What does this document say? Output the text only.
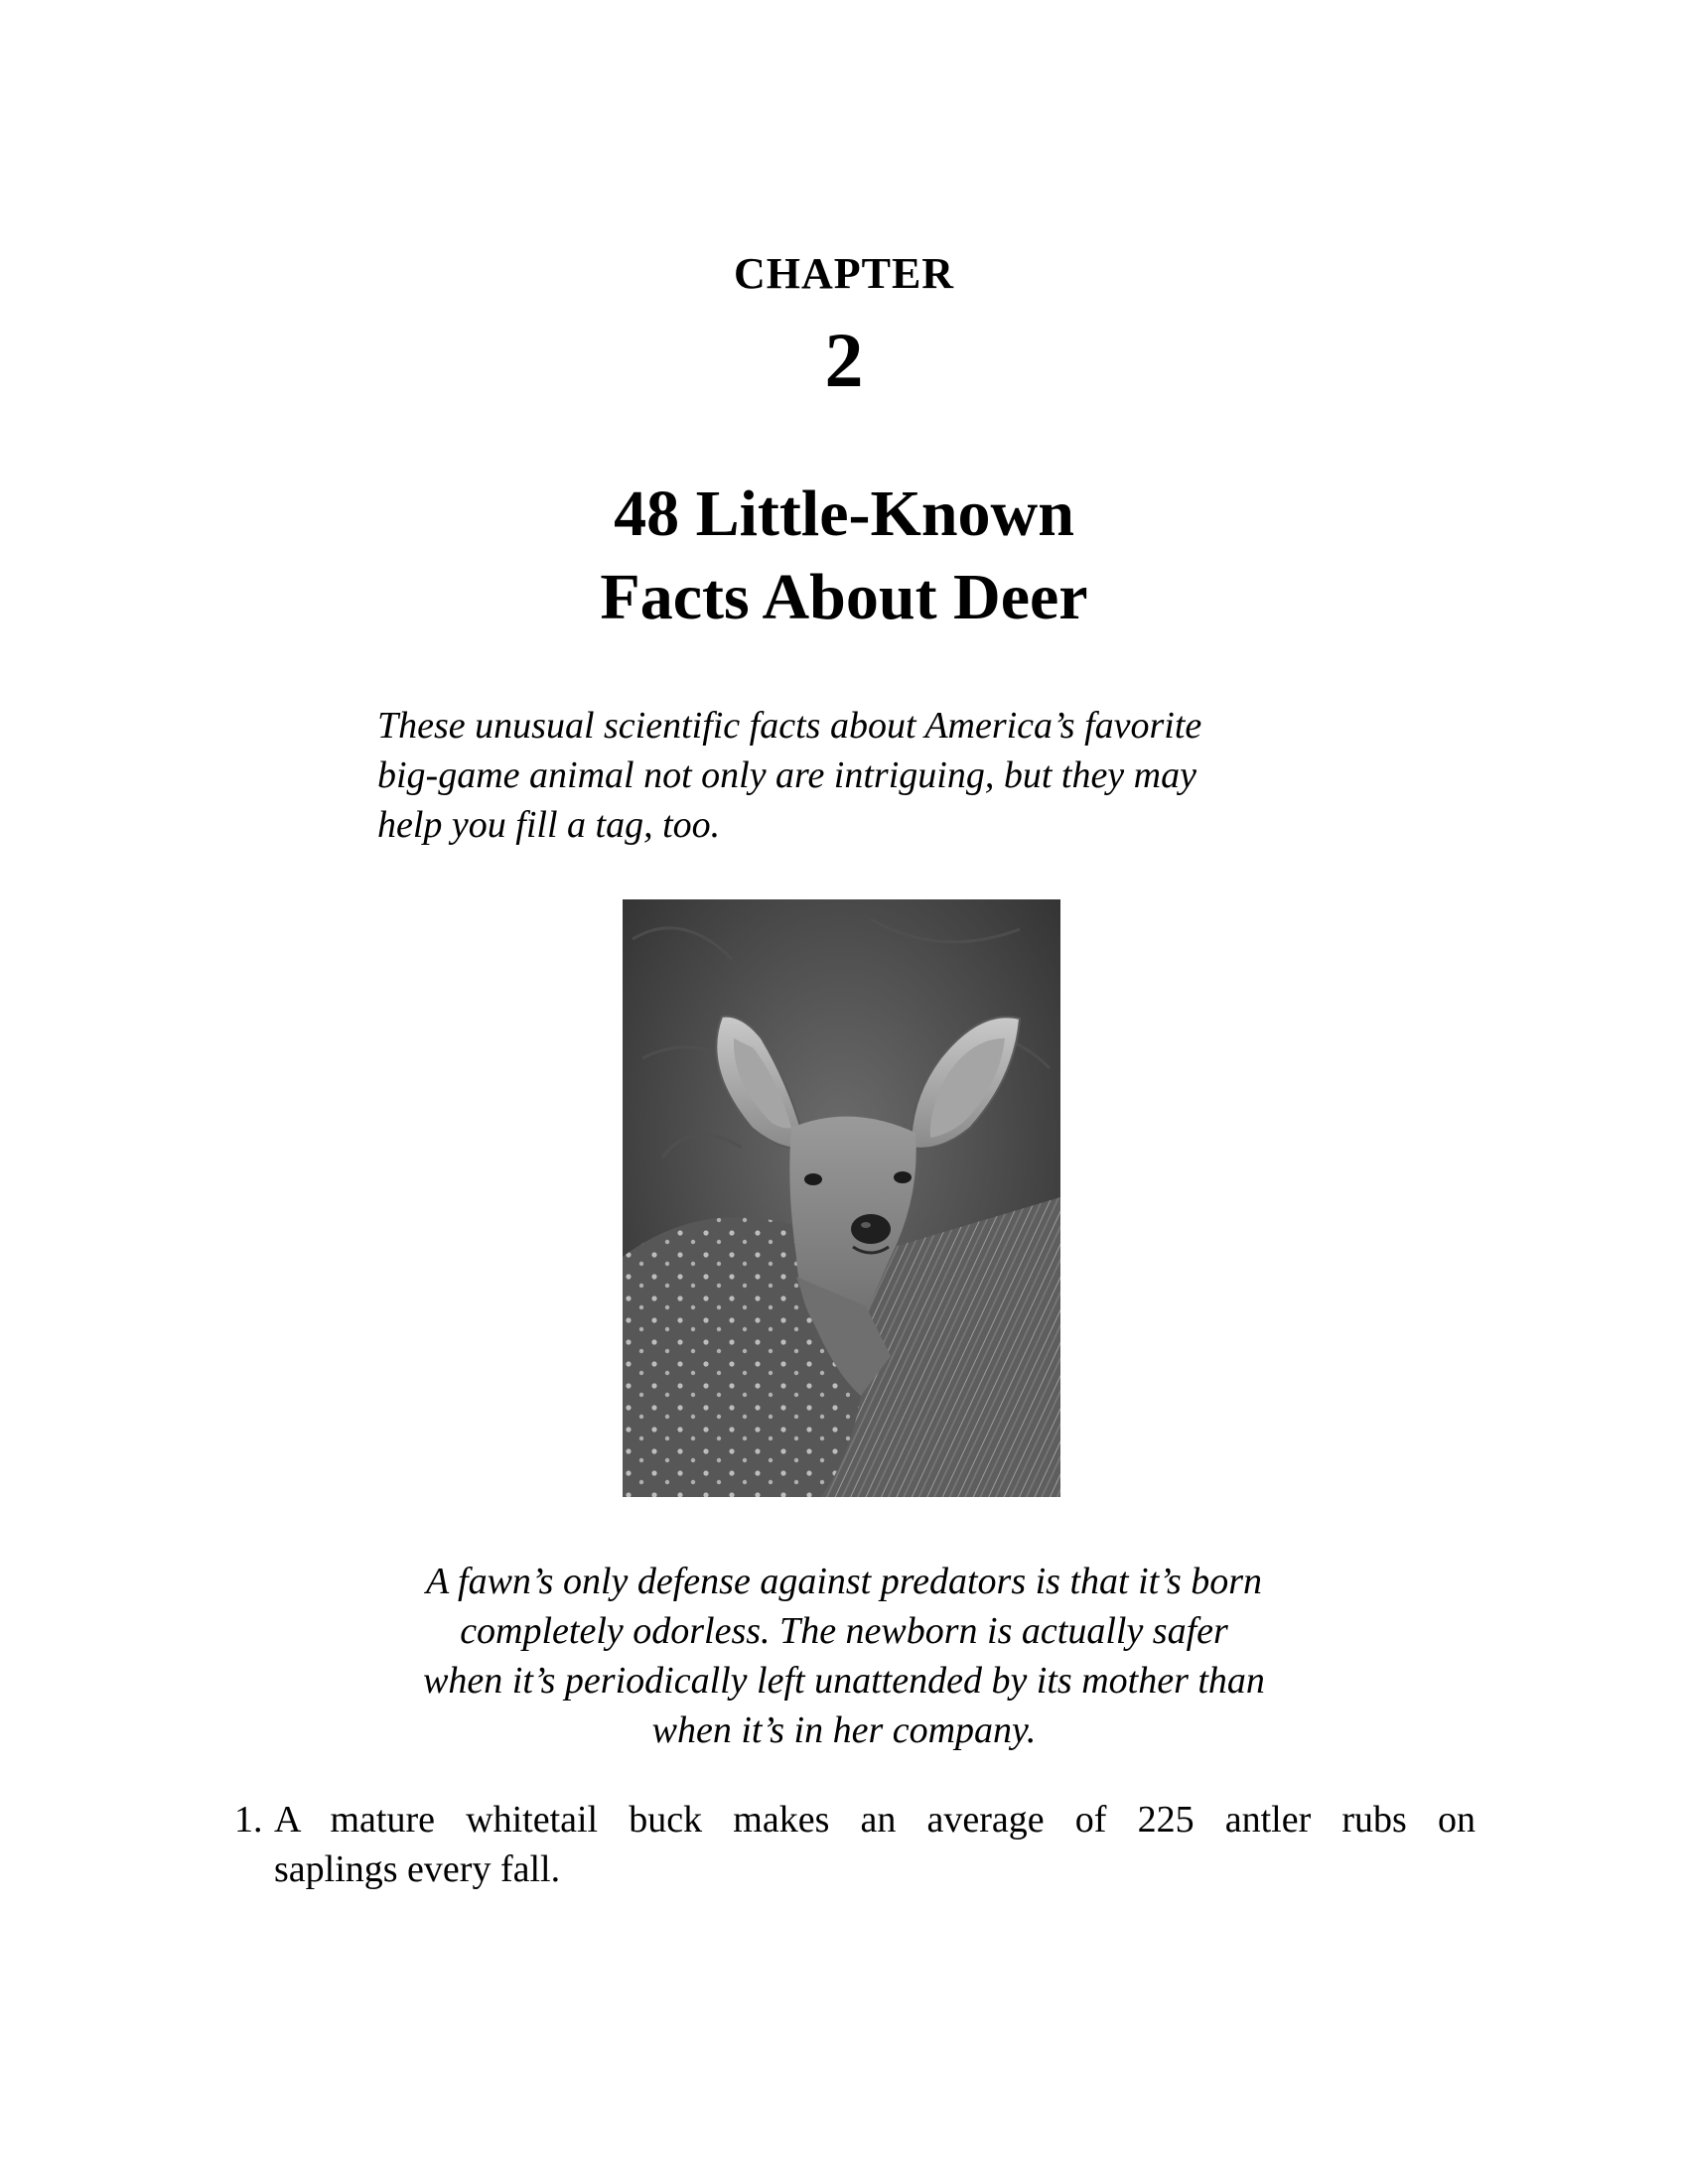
CHAPTER
2
48 Little-Known
Facts About Deer
These unusual scientific facts about America’s favorite
big-game animal not only are intriguing, but they may
help you fill a tag, too.
A fawn’s only defense against predators is that it’s born
completely odorless. The newborn is actually safer
when it’s periodically left unattended by its mother than
when it’s in her company.
1. A mature whitetail buck makes an average of 225 antler rubs on
saplings every fall.
